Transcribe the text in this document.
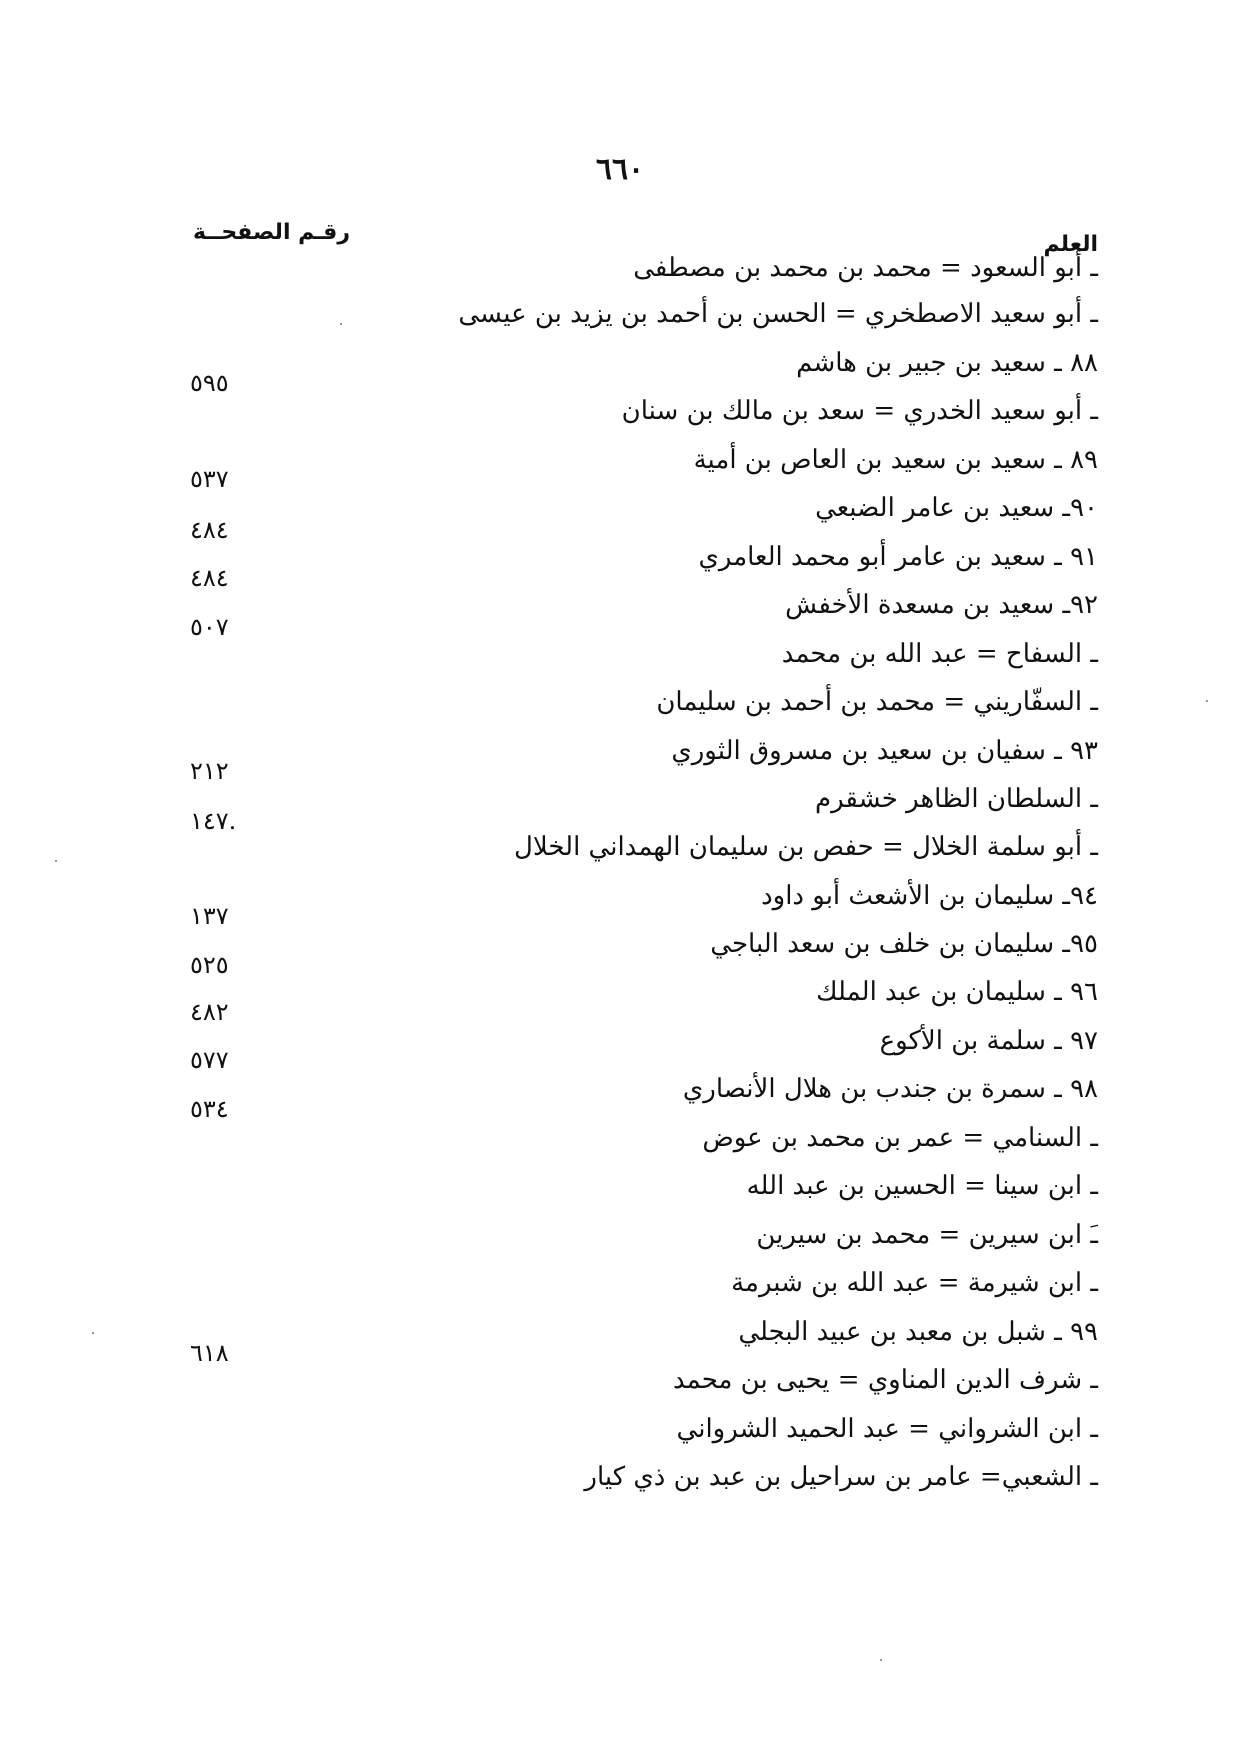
٦٦٠
العلم
رقـم الصفحــة
ـ أبو السعود = محمد بن محمد بن مصطفى
ـ أبو سعيد الاصطخري = الحسن بن أحمد بن يزيد بن عيسى
٨٨ ـ سعيد بن جبير بن هاشم
ـ أبو سعيد الخدري = سعد بن مالك بن سنان
٨٩ ـ سعيد بن سعيد بن العاص بن أمية
٩٠ـ سعيد بن عامر الضبعي
٩١ ـ سعيد بن عامر أبو محمد العامري
٩٢ـ سعيد بن مسعدة الأخفش
ـ السفاح = عبد الله بن محمد
ـ السفّاريني = محمد بن أحمد بن سليمان
٩٣ ـ سفيان بن سعيد بن مسروق الثوري
ـ السلطان الظاهر خشقرم
ـ أبو سلمة الخلال = حفص بن سليمان الهمداني الخلال
٩٤ـ سليمان بن الأشعث أبو داود
٩٥ـ سليمان بن خلف بن سعد الباجي
٩٦ ـ سليمان بن عبد الملك
٩٧ ـ سلمة بن الأكوع
٩٨ ـ سمرة بن جندب بن هلال الأنصاري
ـ السنامي = عمر بن محمد بن عوض
ـ ابن سينا = الحسين بن عبد الله
ـَ ابن سيرين = محمد بن سيرين
ـ ابن شيرمة = عبد الله بن شبرمة
٩٩ ـ شبل بن معبد بن عبيد البجلي
ـ شرف الدين المناوي = يحيى بن محمد
ـ ابن الشرواني = عبد الحميد الشرواني
ـ الشعبي= عامر بن سراحيل بن عبد بن ذي كيار
٥٩٥
٥٣٧
٤٨٤
٤٨٤
٥٠٧
٢١٢
.١٤٧
١٣٧
٥٢٥
٤٨٢
٥٧٧
٥٣٤
٦١٨
